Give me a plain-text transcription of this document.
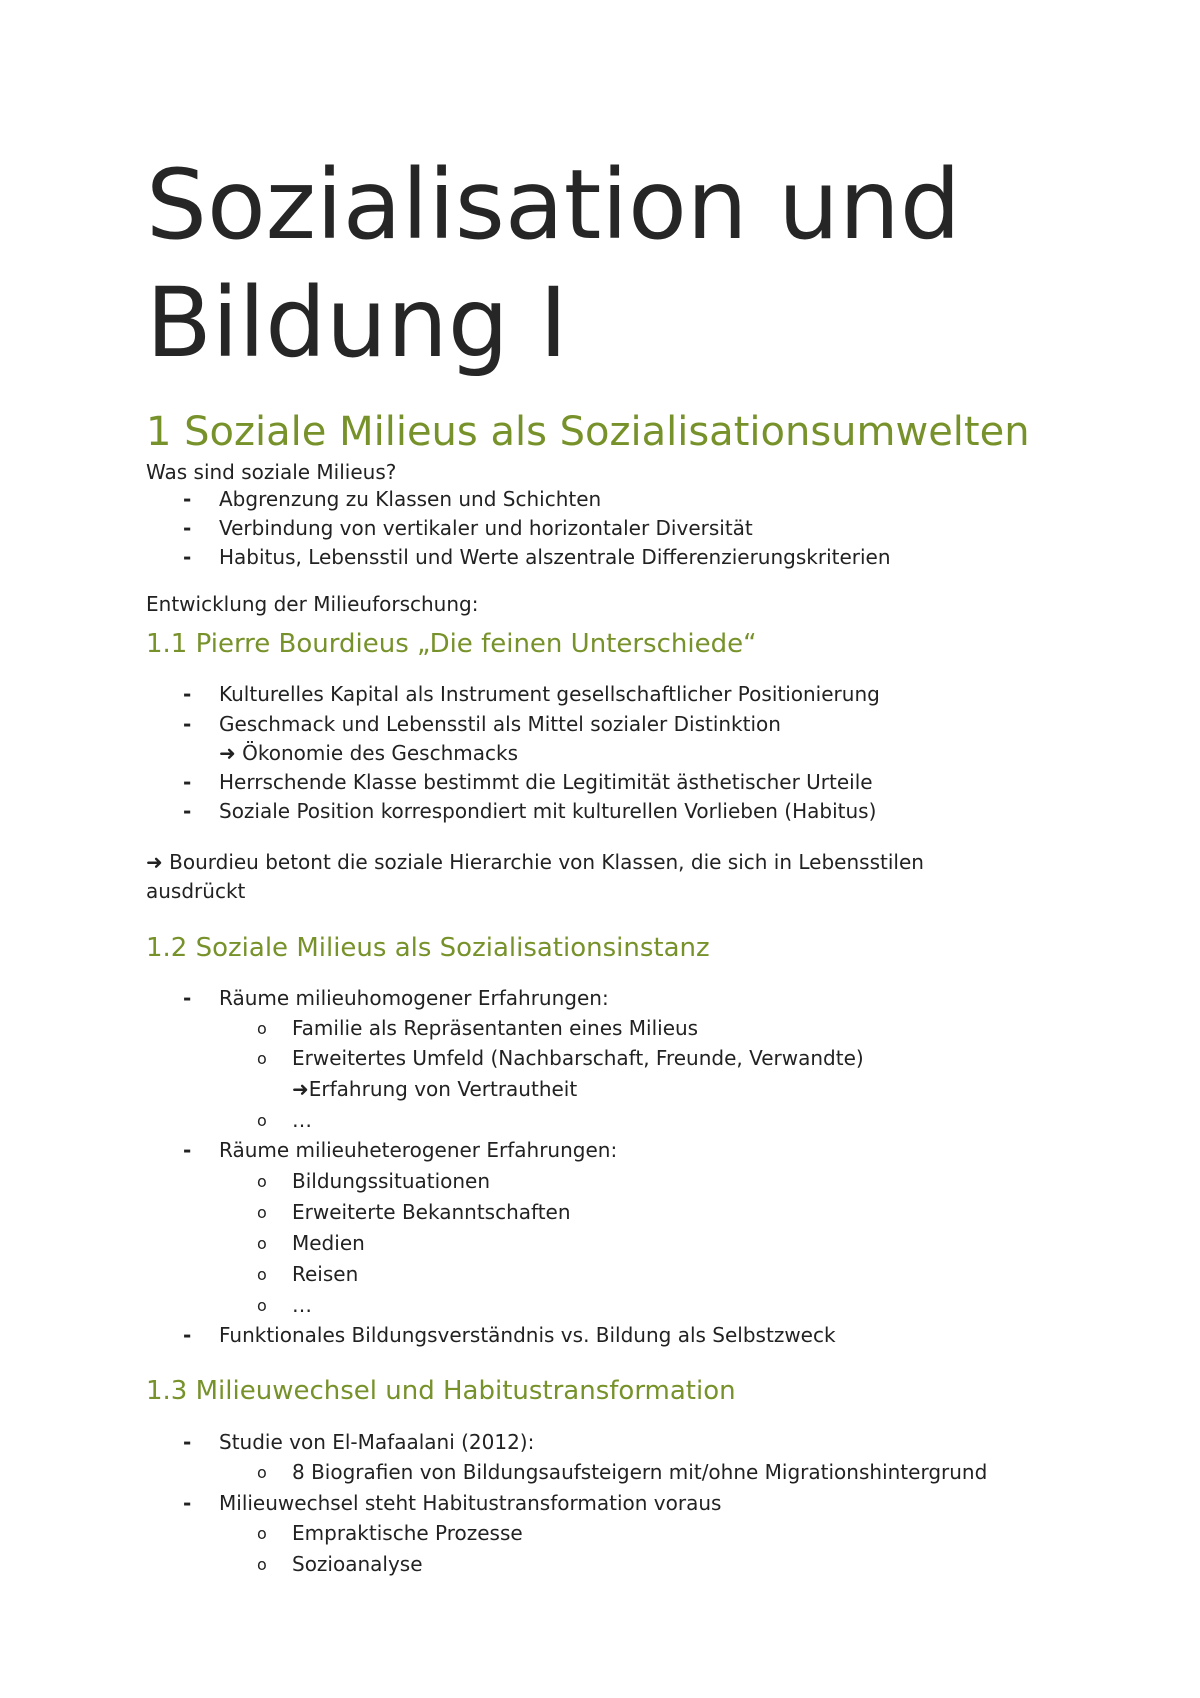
Sozialisation und Bildung I
1 Soziale Milieus als Sozialisationsumwelten

Was sind soziale Milieus?

- Abgrenzung zu Klassen und Schichten
- Verbindung von vertikaler und horizontaler Diversität
- Habitus, Lebensstil und Werte alszentrale Differenzierungskriterien

Entwicklung der Milieuforschung:

1.1 Pierre Bourdieus „Die feinen Unterschiede“
- Kulturelles Kapital als Instrument gesellschaftlicher Positionierung
- Geschmack und Lebensstil als Mittel sozialer Distinktion
➜ Ökonomie des Geschmacks
- Herrschende Klasse bestimmt die Legitimität ästhetischer Urteile
- Soziale Position korrespondiert mit kulturellen Vorlieben (Habitus)

➜ Bourdieu betont die soziale Hierarchie von Klassen, die sich in Lebensstilen ausdrückt

1.2 Soziale Milieus als Sozialisationsinstanz
- Räume milieuhomogener Erfahrungen:
o Familie als Repräsentanten eines Milieus
o Erweitertes Umfeld (Nachbarschaft, Freunde, Verwandte)
➜Erfahrung von Vertrautheit
o …
- Räume milieuheterogener Erfahrungen:
o Bildungssituationen
o Erweiterte Bekanntschaften
o Medien
o Reisen
o …
- Funktionales Bildungsverständnis vs. Bildung als Selbstzweck
1.3 Milieuwechsel und Habitustransformation
- Studie von El-Mafaalani (2012):
o 8 Biografien von Bildungsaufsteigern mit/ohne Migrationshintergrund
- Milieuwechsel steht Habitustransformation voraus
o Empraktische Prozesse
o Sozioanalyse
